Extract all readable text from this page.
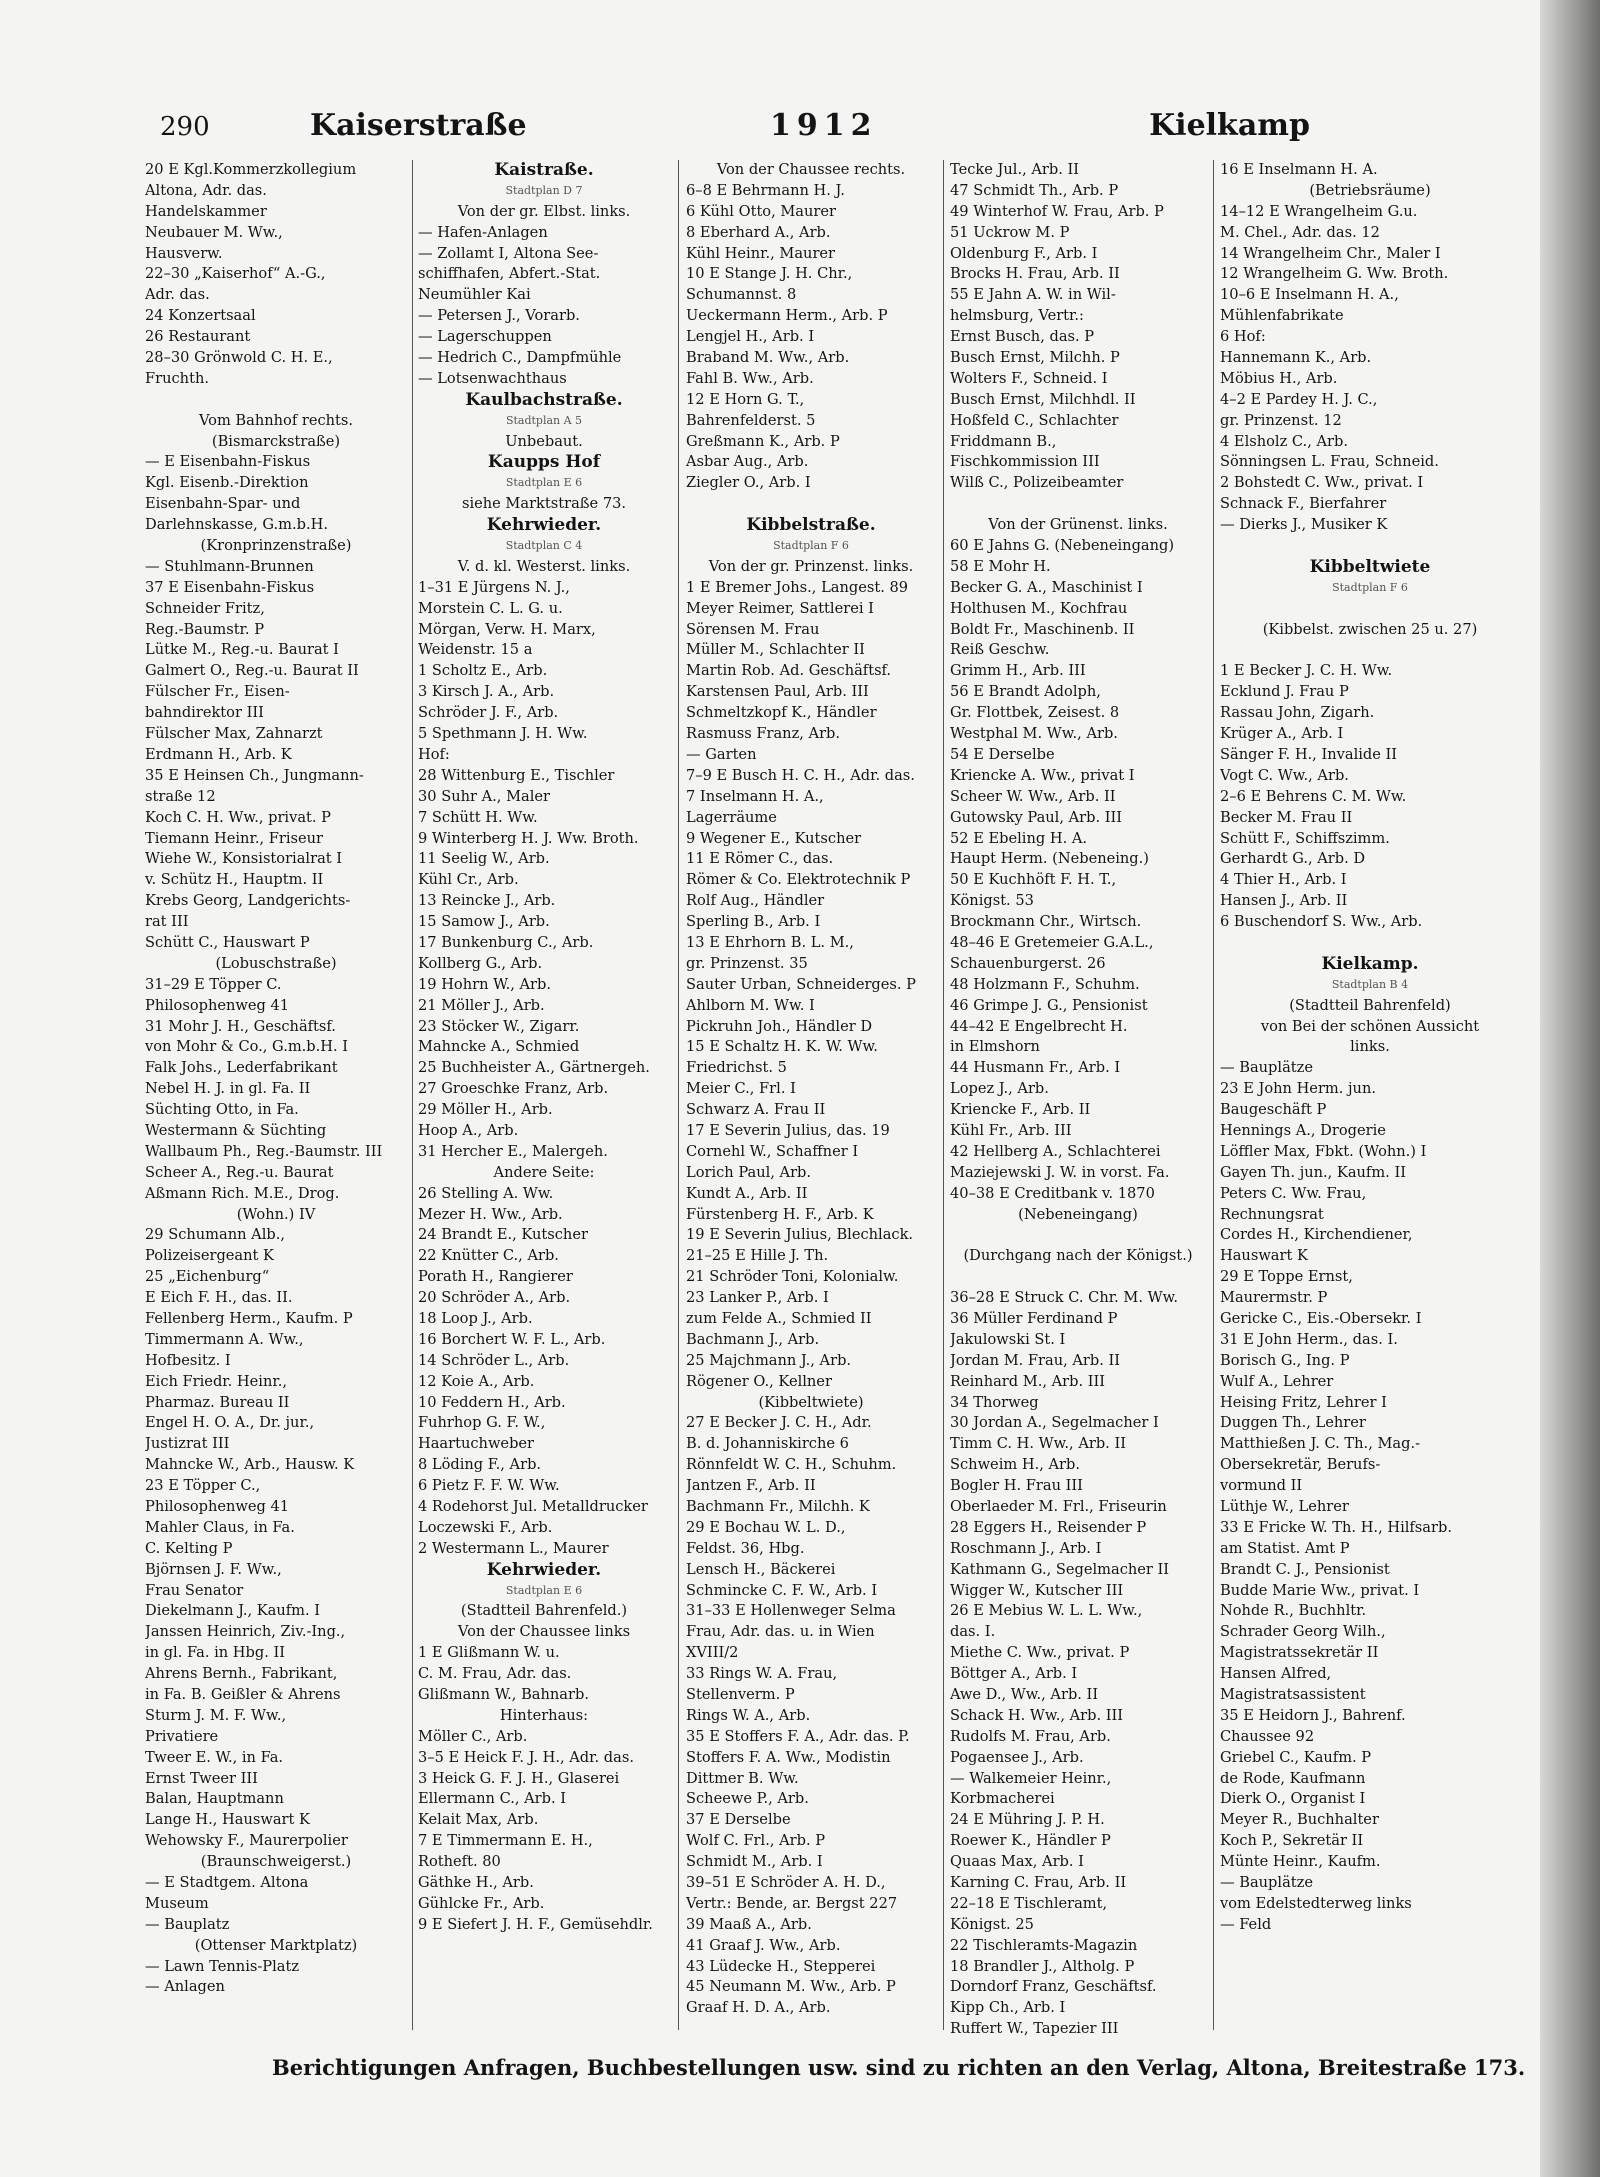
290	Kaiserstraße	1912	Kielkamp
20 E Kgl.Kommerzkollegium
Altona, Adr. das.
Handelskammer
Neubauer M. Ww.,
Hausverw.
22–30 „Kaiserhof“ A.-G.,
Adr. das.
24 Konzertsaal
26 Restaurant
28–30 Grönwold C. H. E.,
Fruchth.
Vom Bahnhof rechts.
(Bismarckstraße)
— E Eisenbahn-Fiskus
Kgl. Eisenb.-Direktion
Eisenbahn-Spar- und
Darlehnskasse, G.m.b.H.
(Kronprinzenstraße)
— Stuhlmann-Brunnen
37 E Eisenbahn-Fiskus
Schneider Fritz,
Reg.-Baumstr. P
Lütke M., Reg.-u. Baurat I
Galmert O., Reg.-u. Baurat II
Fülscher Fr., Eisen-
bahndirektor III
Fülscher Max, Zahnarzt
Erdmann H., Arb. K
35 E Heinsen Ch., Jungmann-
straße 12
Koch C. H. Ww., privat. P
Tiemann Heinr., Friseur
Wiehe W., Konsistorialrat I
v. Schütz H., Hauptm. II
Krebs Georg, Landgerichts-
rat III
Schütt C., Hauswart P
(Lobuschstraße)
31–29 E Töpper C.
Philosophenweg 41
31 Mohr J. H., Geschäftsf.
von Mohr & Co., G.m.b.H. I
Falk Johs., Lederfabrikant
Nebel H. J. in gl. Fa. II
Süchting Otto, in Fa.
Westermann & Süchting
Wallbaum Ph., Reg.-Baumstr. III
Scheer A., Reg.-u. Baurat
Aßmann Rich. M.E., Drog.
(Wohn.) IV
29 Schumann Alb.,
Polizeisergeant K
25 „Eichenburg“
E Eich F. H., das. II.
Fellenberg Herm., Kaufm. P
Timmermann A. Ww.,
Hofbesitz. I
Eich Friedr. Heinr.,
Pharmaz. Bureau II
Engel H. O. A., Dr. jur.,
Justizrat III
Mahncke W., Arb., Hausw. K
23 E Töpper C.,
Philosophenweg 41
Mahler Claus, in Fa.
C. Kelting P
Björnsen J. F. Ww.,
Frau Senator
Diekelmann J., Kaufm. I
Janssen Heinrich, Ziv.-Ing.,
in gl. Fa. in Hbg. II
Ahrens Bernh., Fabrikant,
in Fa. B. Geißler & Ahrens
Sturm J. M. F. Ww.,
Privatiere
Tweer E. W., in Fa.
Ernst Tweer III
Balan, Hauptmann
Lange H., Hauswart K
Wehowsky F., Maurerpolier
(Braunschweigerst.)
— E Stadtgem. Altona
Museum
— Bauplatz
(Ottenser Marktplatz)
— Lawn Tennis-Platz
— Anlagen
Kaistraße.
Stadtplan D 7
Von der gr. Elbst. links.
— Hafen-Anlagen
— Zollamt I, Altona See-
schiffhafen, Abfert.-Stat.
Neumühler Kai
— Petersen J., Vorarb.
— Lagerschuppen
— Hedrich C., Dampfmühle
— Lotsenwachthaus
Kaulbachstraße.
Stadtplan A 5
Unbebaut.
Kaupps Hof
Stadtplan E 6
siehe Marktstraße 73.
Kehrwieder.
Stadtplan C 4
V. d. kl. Westerst. links.
1–31 E Jürgens N. J.,
Morstein C. L. G. u.
Mörgan, Verw. H. Marx,
Weidenstr. 15 a
1 Scholtz E., Arb.
3 Kirsch J. A., Arb.
Schröder J. F., Arb.
5 Spethmann J. H. Ww.
Hof:
28 Wittenburg E., Tischler
30 Suhr A., Maler
7 Schütt H. Ww.
9 Winterberg H. J. Ww. Broth.
11 Seelig W., Arb.
Kühl Cr., Arb.
13 Reincke J., Arb.
15 Samow J., Arb.
17 Bunkenburg C., Arb.
Kollberg G., Arb.
19 Hohrn W., Arb.
21 Möller J., Arb.
23 Stöcker W., Zigarr.
Mahncke A., Schmied
25 Buchheister A., Gärtnergeh.
27 Groeschke Franz, Arb.
29 Möller H., Arb.
Hoop A., Arb.
31 Hercher E., Malergeh.
Andere Seite:
26 Stelling A. Ww.
Mezer H. Ww., Arb.
24 Brandt E., Kutscher
22 Knütter C., Arb.
Porath H., Rangierer
20 Schröder A., Arb.
18 Loop J., Arb.
16 Borchert W. F. L., Arb.
14 Schröder L., Arb.
12 Koie A., Arb.
10 Feddern H., Arb.
Fuhrhop G. F. W.,
Haartuchweber
8 Löding F., Arb.
6 Pietz F. F. W. Ww.
4 Rodehorst Jul. Metalldrucker
Loczewski F., Arb.
2 Westermann L., Maurer
Kehrwieder.
Stadtplan E 6
(Stadtteil Bahrenfeld.)
Von der Chaussee links
1 E Glißmann W. u.
C. M. Frau, Adr. das.
Glißmann W., Bahnarb.
Hinterhaus:
Möller C., Arb.
3–5 E Heick F. J. H., Adr. das.
3 Heick G. F. J. H., Glaserei
Ellermann C., Arb. I
Kelait Max, Arb.
7 E Timmermann E. H.,
Rotheft. 80
Gäthke H., Arb.
Gühlcke Fr., Arb.
9 E Siefert J. H. F., Gemüsehdlr.
Von der Chaussee rechts.
6–8 E Behrmann H. J.
6 Kühl Otto, Maurer
8 Eberhard A., Arb.
Kühl Heinr., Maurer
10 E Stange J. H. Chr.,
Schumannst. 8
Ueckermann Herm., Arb. P
Lengjel H., Arb. I
Braband M. Ww., Arb.
Fahl B. Ww., Arb.
12 E Horn G. T.,
Bahrenfelderst. 5
Greßmann K., Arb. P
Asbar Aug., Arb.
Ziegler O., Arb. I
Kibbelstraße.
Stadtplan F 6
Von der gr. Prinzenst. links.
1 E Bremer Johs., Langest. 89
Meyer Reimer, Sattlerei I
Sörensen M. Frau
Müller M., Schlachter II
Martin Rob. Ad. Geschäftsf.
Karstensen Paul, Arb. III
Schmeltzkopf K., Händler
Rasmuss Franz, Arb.
— Garten
7–9 E Busch H. C. H., Adr. das.
7 Inselmann H. A.,
Lagerräume
9 Wegener E., Kutscher
11 E Römer C., das.
Römer & Co. Elektrotechnik P
Rolf Aug., Händler
Sperling B., Arb. I
13 E Ehrhorn B. L. M.,
gr. Prinzenst. 35
Sauter Urban, Schneiderges. P
Ahlborn M. Ww. I
Pickruhn Joh., Händler D
15 E Schaltz H. K. W. Ww.
Friedrichst. 5
Meier C., Frl. I
Schwarz A. Frau II
17 E Severin Julius, das. 19
Cornehl W., Schaffner I
Lorich Paul, Arb.
Kundt A., Arb. II
Fürstenberg H. F., Arb. K
19 E Severin Julius, Blechlack.
21–25 E Hille J. Th.
21 Schröder Toni, Kolonialw.
23 Lanker P., Arb. I
zum Felde A., Schmied II
Bachmann J., Arb.
25 Majchmann J., Arb.
Rögener O., Kellner
(Kibbeltwiete)
27 E Becker J. C. H., Adr.
B. d. Johanniskirche 6
Rönnfeldt W. C. H., Schuhm.
Jantzen F., Arb. II
Bachmann Fr., Milchh. K
29 E Bochau W. L. D.,
Feldst. 36, Hbg.
Lensch H., Bäckerei
Schmincke C. F. W., Arb. I
31–33 E Hollenweger Selma
Frau, Adr. das. u. in Wien
XVIII/2
33 Rings W. A. Frau,
Stellenverm. P
Rings W. A., Arb.
35 E Stoffers F. A., Adr. das. P.
Stoffers F. A. Ww., Modistin
Dittmer B. Ww.
Scheewe P., Arb.
37 E Derselbe
Wolf C. Frl., Arb. P
Schmidt M., Arb. I
39–51 E Schröder A. H. D.,
Vertr.: Bende, ar. Bergst 227
39 Maaß A., Arb.
41 Graaf J. Ww., Arb.
43 Lüdecke H., Stepperei
45 Neumann M. Ww., Arb. P
Graaf H. D. A., Arb.
Tecke Jul., Arb. II
47 Schmidt Th., Arb. P
49 Winterhof W. Frau, Arb. P
51 Uckrow M. P
Oldenburg F., Arb. I
Brocks H. Frau, Arb. II
55 E Jahn A. W. in Wil-
helmsburg, Vertr.:
Ernst Busch, das. P
Busch Ernst, Milchh. P
Wolters F., Schneid. I
Busch Ernst, Milchhdl. II
Hoßfeld C., Schlachter
Friddmann B.,
Fischkommission III
Wilß C., Polizeibeamter
Von der Grünenst. links.
60 E Jahns G. (Nebeneingang)
58 E Mohr H.
Becker G. A., Maschinist I
Holthusen M., Kochfrau
Boldt Fr., Maschinenb. II
Reiß Geschw.
Grimm H., Arb. III
56 E Brandt Adolph,
Gr. Flottbek, Zeisest. 8
Westphal M. Ww., Arb.
54 E Derselbe
Kriencke A. Ww., privat I
Scheer W. Ww., Arb. II
Gutowsky Paul, Arb. III
52 E Ebeling H. A.
Haupt Herm. (Nebeneing.)
50 E Kuchhöft F. H. T.,
Königst. 53
Brockmann Chr., Wirtsch.
48–46 E Gretemeier G.A.L.,
Schauenburgerst. 26
48 Holzmann F., Schuhm.
46 Grimpe J. G., Pensionist
44–42 E Engelbrecht H.
in Elmshorn
44 Husmann Fr., Arb. I
Lopez J., Arb.
Kriencke F., Arb. II
Kühl Fr., Arb. III
42 Hellberg A., Schlachterei
Maziejewski J. W. in vorst. Fa.
40–38 E Creditbank v. 1870
(Nebeneingang)
(Durchgang nach der Königst.)
36–28 E Struck C. Chr. M. Ww.
36 Müller Ferdinand P
Jakulowski St. I
Jordan M. Frau, Arb. II
Reinhard M., Arb. III
34 Thorweg
30 Jordan A., Segelmacher I
Timm C. H. Ww., Arb. II
Schweim H., Arb.
Bogler H. Frau III
Oberlaeder M. Frl., Friseurin
28 Eggers H., Reisender P
Roschmann J., Arb. I
Kathmann G., Segelmacher II
Wigger W., Kutscher III
26 E Mebius W. L. L. Ww.,
das. I.
Miethe C. Ww., privat. P
Böttger A., Arb. I
Awe D., Ww., Arb. II
Schack H. Ww., Arb. III
Rudolfs M. Frau, Arb.
Pogaensee J., Arb.
— Walkemeier Heinr.,
Korbmacherei
24 E Mühring J. P. H.
Roewer K., Händler P
Quaas Max, Arb. I
Karning C. Frau, Arb. II
22–18 E Tischleramt,
Königst. 25
22 Tischleramts-Magazin
18 Brandler J., Altholg. P
Dorndorf Franz, Geschäftsf.
Kipp Ch., Arb. I
Ruffert W., Tapezier III
16 E Inselmann H. A.
(Betriebsräume)
14–12 E Wrangelheim G.u.
M. Chel., Adr. das. 12
14 Wrangelheim Chr., Maler I
12 Wrangelheim G. Ww. Broth.
10–6 E Inselmann H. A.,
Mühlenfabrikate
6 Hof:
Hannemann K., Arb.
Möbius H., Arb.
4–2 E Pardey H. J. C.,
gr. Prinzenst. 12
4 Elsholz C., Arb.
Sönningsen L. Frau, Schneid.
2 Bohstedt C. Ww., privat. I
Schnack F., Bierfahrer
— Dierks J., Musiker K
Kibbeltwiete
Stadtplan F 6
(Kibbelst. zwischen 25 u. 27)
1 E Becker J. C. H. Ww.
Ecklund J. Frau P
Rassau John, Zigarh.
Krüger A., Arb. I
Sänger F. H., Invalide II
Vogt C. Ww., Arb.
2–6 E Behrens C. M. Ww.
Becker M. Frau II
Schütt F., Schiffszimm.
Gerhardt G., Arb. D
4 Thier H., Arb. I
Hansen J., Arb. II
6 Buschendorf S. Ww., Arb.
Kielkamp.
Stadtplan B 4
(Stadtteil Bahrenfeld)
von Bei der schönen Aussicht
links.
— Bauplätze
23 E John Herm. jun.
Baugeschäft P
Hennings A., Drogerie
Löffler Max, Fbkt. (Wohn.) I
Gayen Th. jun., Kaufm. II
Peters C. Ww. Frau,
Rechnungsrat
Cordes H., Kirchendiener,
Hauswart K
29 E Toppe Ernst,
Maurermstr. P
Gericke C., Eis.-Obersekr. I
31 E John Herm., das. I.
Borisch G., Ing. P
Wulf A., Lehrer
Heising Fritz, Lehrer I
Duggen Th., Lehrer
Matthießen J. C. Th., Mag.-
Obersekretär, Berufs-
vormund II
Lüthje W., Lehrer
33 E Fricke W. Th. H., Hilfsarb.
am Statist. Amt P
Brandt C. J., Pensionist
Budde Marie Ww., privat. I
Nohde R., Buchhltr.
Schrader Georg Wilh.,
Magistratssekretär II
Hansen Alfred,
Magistratsassistent
35 E Heidorn J., Bahrenf.
Chaussee 92
Griebel C., Kaufm. P
de Rode, Kaufmann
Dierk O., Organist I
Meyer R., Buchhalter
Koch P., Sekretär II
Münte Heinr., Kaufm.
— Bauplätze
vom Edelstedterweg links
— Feld
Berichtigungen Anfragen, Buchbestellungen usw. sind zu richten an den Verlag, Altona, Breitestraße 173.
